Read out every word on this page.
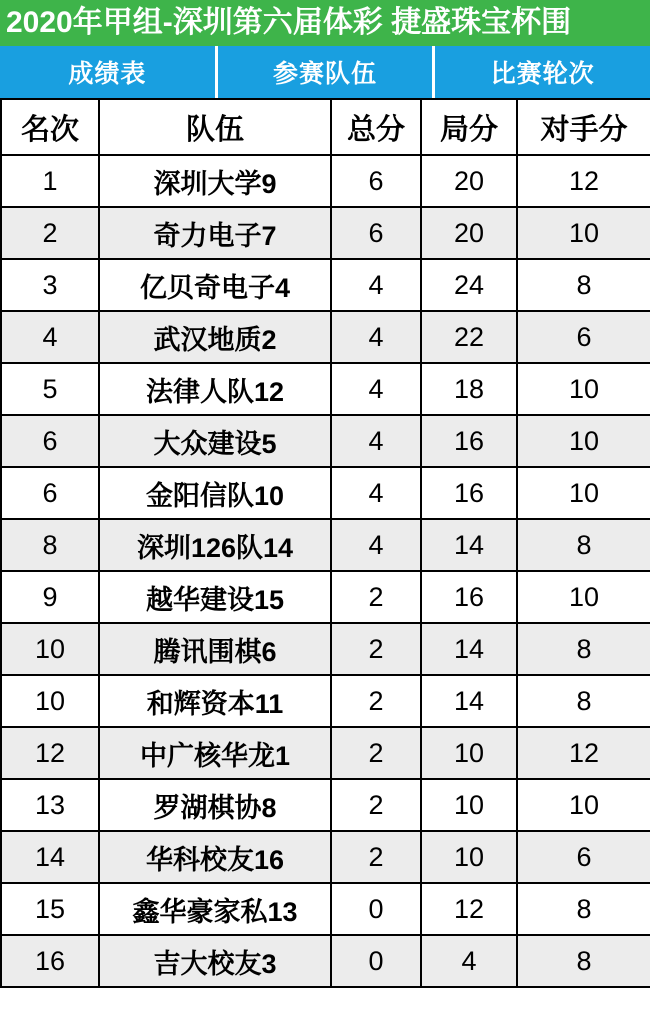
2020年甲组-深圳第六届体彩 捷盛珠宝杯围
成绩表	参赛队伍	比赛轮次
名次	队伍	总分	局分	对手分
1	深圳大学9	6	20	12
2	奇力电子7	6	20	10
3	亿贝奇电子4	4	24	8
4	武汉地质2	4	22	6
5	法律人队12	4	18	10
6	大众建设5	4	16	10
6	金阳信队10	4	16	10
8	深圳126队14	4	14	8
9	越华建设15	2	16	10
10	腾讯围棋6	2	14	8
10	和辉资本11	2	14	8
12	中广核华龙1	2	10	12
13	罗湖棋协8	2	10	10
14	华科校友16	2	10	6
15	鑫华豪家私13	0	12	8
16	吉大校友3	0	4	8
